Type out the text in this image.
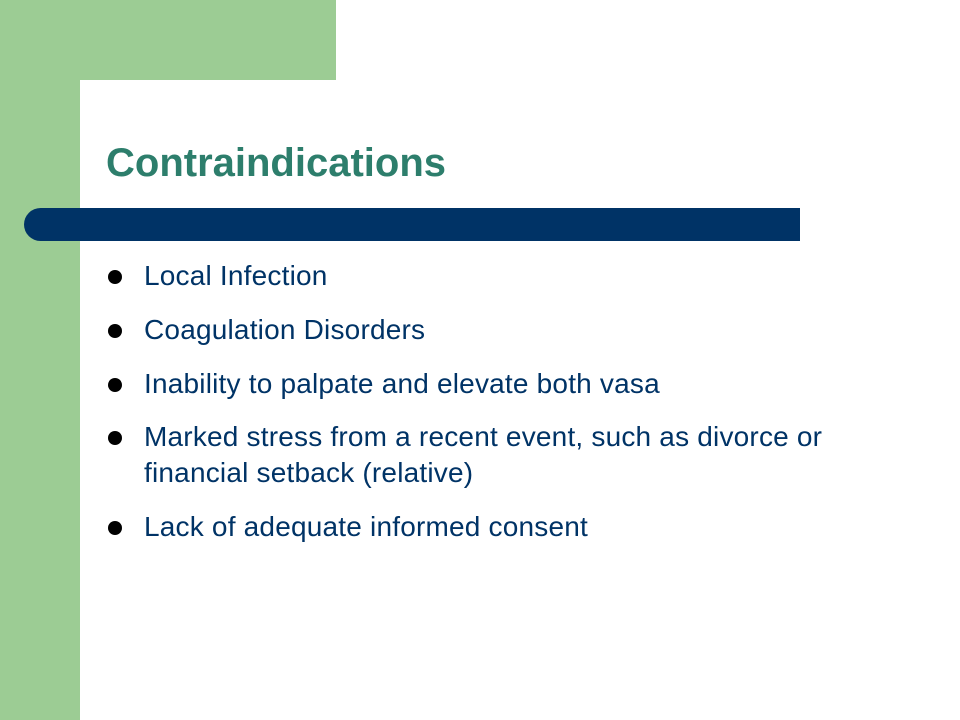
Contraindications
Local Infection
Coagulation Disorders
Inability to palpate and elevate both vasa
Marked stress from a recent event, such as divorce or financial setback (relative)
Lack of adequate informed consent
